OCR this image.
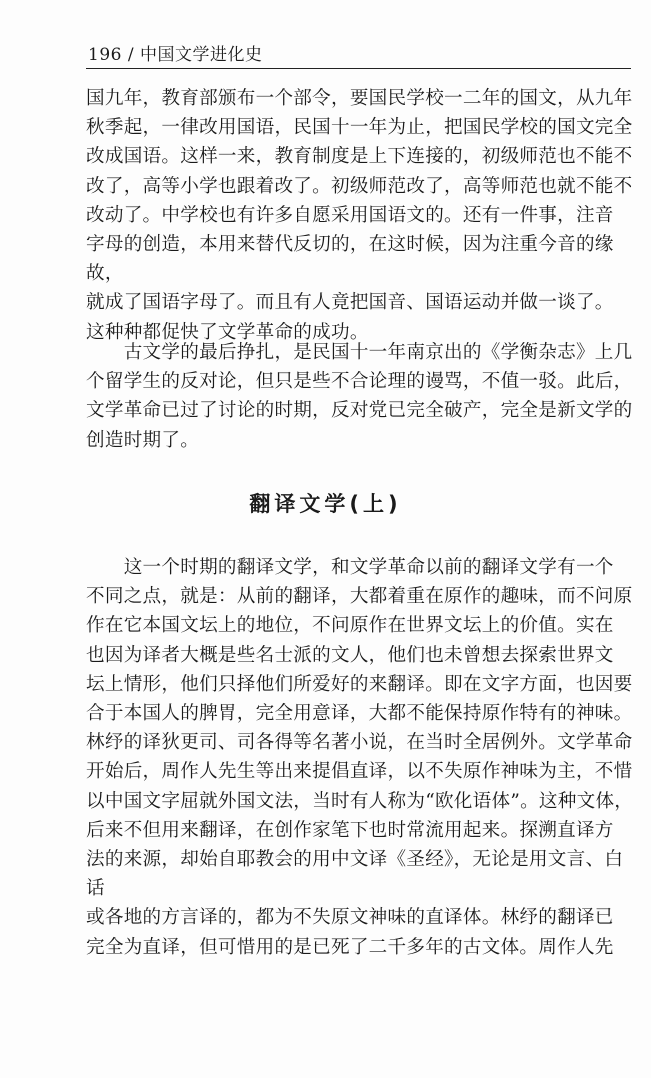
196 / 中国文学进化史

国九年，教育部颁布一个部令，要国民学校一二年的国文，从九年
秋季起，一律改用国语，民国十一年为止，把国民学校的国文完全
改成国语。这样一来，教育制度是上下连接的，初级师范也不能不
改了，高等小学也跟着改了。初级师范改了，高等师范也就不能不
改动了。中学校也有许多自愿采用国语文的。还有一件事，注音
字母的创造，本用来替代反切的，在这时候，因为注重今音的缘故，
就成了国语字母了。而且有人竟把国音、国语运动并做一谈了。
这种种都促快了文学革命的成功。

　　古文学的最后挣扎，是民国十一年南京出的《学衡杂志》上几
个留学生的反对论，但只是些不合论理的谩骂，不值一驳。此后，
文学革命已过了讨论的时期，反对党已完全破产，完全是新文学的
创造时期了。

翻译文学(上)

　　这一个时期的翻译文学，和文学革命以前的翻译文学有一个
不同之点，就是：从前的翻译，大都着重在原作的趣味，而不问原
作在它本国文坛上的地位，不问原作在世界文坛上的价值。实在
也因为译者大概是些名士派的文人，他们也未曾想去探索世界文
坛上情形，他们只择他们所爱好的来翻译。即在文字方面，也因要
合于本国人的脾胃，完全用意译，大都不能保持原作特有的神味。
林纾的译狄更司、司各得等名著小说，在当时全居例外。文学革命
开始后，周作人先生等出来提倡直译，以不失原作神味为主，不惜
以中国文字屈就外国文法，当时有人称为“欧化语体”。这种文体，
后来不但用来翻译，在创作家笔下也时常流用起来。探溯直译方
法的来源，却始自耶教会的用中文译《圣经》，无论是用文言、白话
或各地的方言译的，都为不失原文神味的直译体。林纾的翻译已
完全为直译，但可惜用的是已死了二千多年的古文体。周作人先
